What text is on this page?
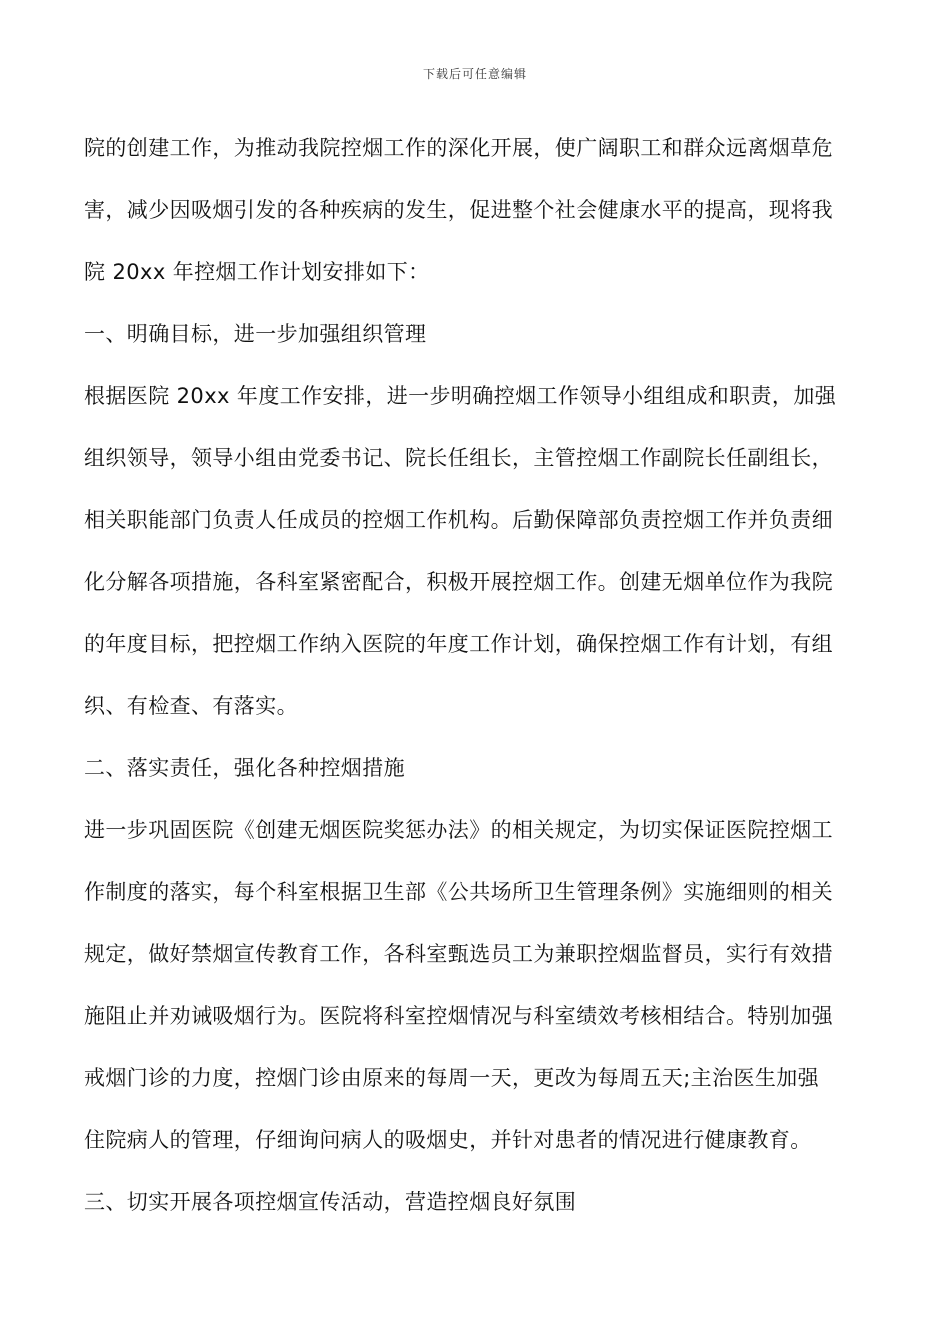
下载后可任意编辑
院的创建工作，为推动我院控烟工作的深化开展，使广阔职工和群众远离烟草危
害，减少因吸烟引发的各种疾病的发生，促进整个社会健康水平的提高，现将我
院 20xx 年控烟工作计划安排如下：
一、明确目标，进一步加强组织管理
根据医院 20xx 年度工作安排，进一步明确控烟工作领导小组组成和职责，加强
组织领导，领导小组由党委书记、院长任组长，主管控烟工作副院长任副组长，
相关职能部门负责人任成员的控烟工作机构。后勤保障部负责控烟工作并负责细
化分解各项措施，各科室紧密配合，积极开展控烟工作。创建无烟单位作为我院
的年度目标，把控烟工作纳入医院的年度工作计划，确保控烟工作有计划，有组
织、有检查、有落实。
二、落实责任，强化各种控烟措施
进一步巩固医院《创建无烟医院奖惩办法》的相关规定，为切实保证医院控烟工
作制度的落实，每个科室根据卫生部《公共场所卫生管理条例》实施细则的相关
规定，做好禁烟宣传教育工作，各科室甄选员工为兼职控烟监督员，实行有效措
施阻止并劝诫吸烟行为。医院将科室控烟情况与科室绩效考核相结合。特别加强
戒烟门诊的力度，控烟门诊由原来的每周一天，更改为每周五天;主治医生加强
住院病人的管理，仔细询问病人的吸烟史，并针对患者的情况进行健康教育。
三、切实开展各项控烟宣传活动，营造控烟良好氛围
